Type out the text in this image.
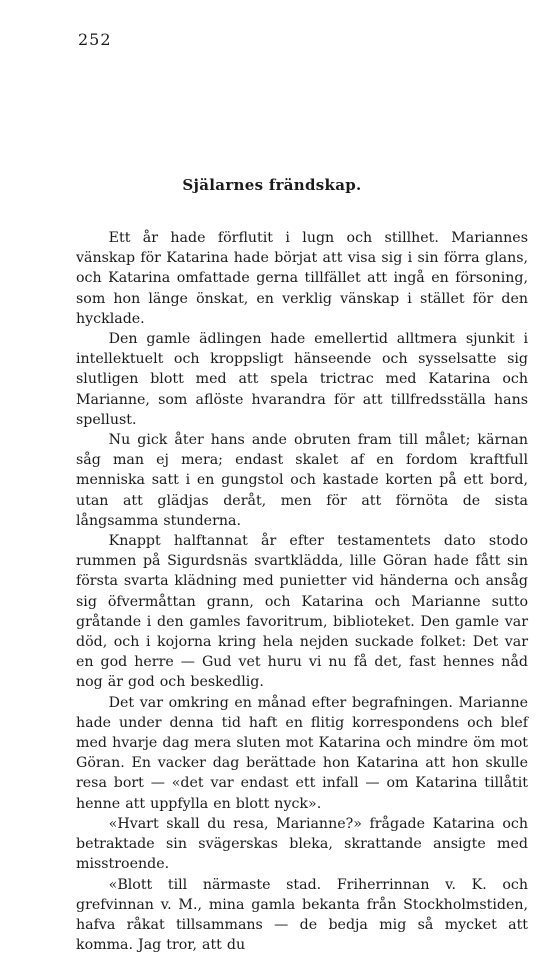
252
Själarnes frändskap.

Ett år hade förflutit i lugn och stillhet. Mariannes vänskap för Katarina hade börjat att visa sig i sin förra glans, och Katarina omfattade gerna tillfället att ingå en försoning, som hon länge önskat, en verklig vänskap i stället för den hycklade.

Den gamle ädlingen hade emellertid alltmera sjunkit i intellektuelt och kroppsligt hänseende och sysselsatte sig slutligen blott med att spela trictrac med Katarina och Marianne, som aflöste hvarandra för att tillfredsställa hans spellust.

Nu gick åter hans ande obruten fram till målet; kärnan såg man ej mera; endast skalet af en fordom kraftfull menniska satt i en gungstol och kastade korten på ett bord, utan att glädjas deråt, men för att förnöta de sista långsamma stunderna.

Knappt halftannat år efter testamentets dato stodo rummen på Sigurdsnäs svartklädda, lille Göran hade fått sin första svarta klädning med punietter vid händerna och ansåg sig öfvermåttan grann, och Katarina och Marianne sutto gråtande i den gamles favoritrum, biblioteket. Den gamle var död, och i kojorna kring hela nejden suckade folket: Det var en god herre — Gud vet huru vi nu få det, fast hennes nåd nog är god och beskedlig.

Det var omkring en månad efter begrafningen. Marianne hade under denna tid haft en flitig korrespondens och blef med hvarje dag mera sluten mot Katarina och mindre öm mot Göran. En vacker dag berättade hon Katarina att hon skulle resa bort — «det var endast ett infall — om Katarina tillåtit henne att uppfylla en blott nyck».

«Hvart skall du resa, Marianne?» frågade Katarina och betraktade sin svägerskas bleka, skrattande ansigte med misstroende.

«Blott till närmaste stad. Friherrinnan v. K. och grefvinnan v. M., mina gamla bekanta från Stockholmstiden, hafva råkat tillsammans — de bedja mig så mycket att komma. Jag tror, att du
